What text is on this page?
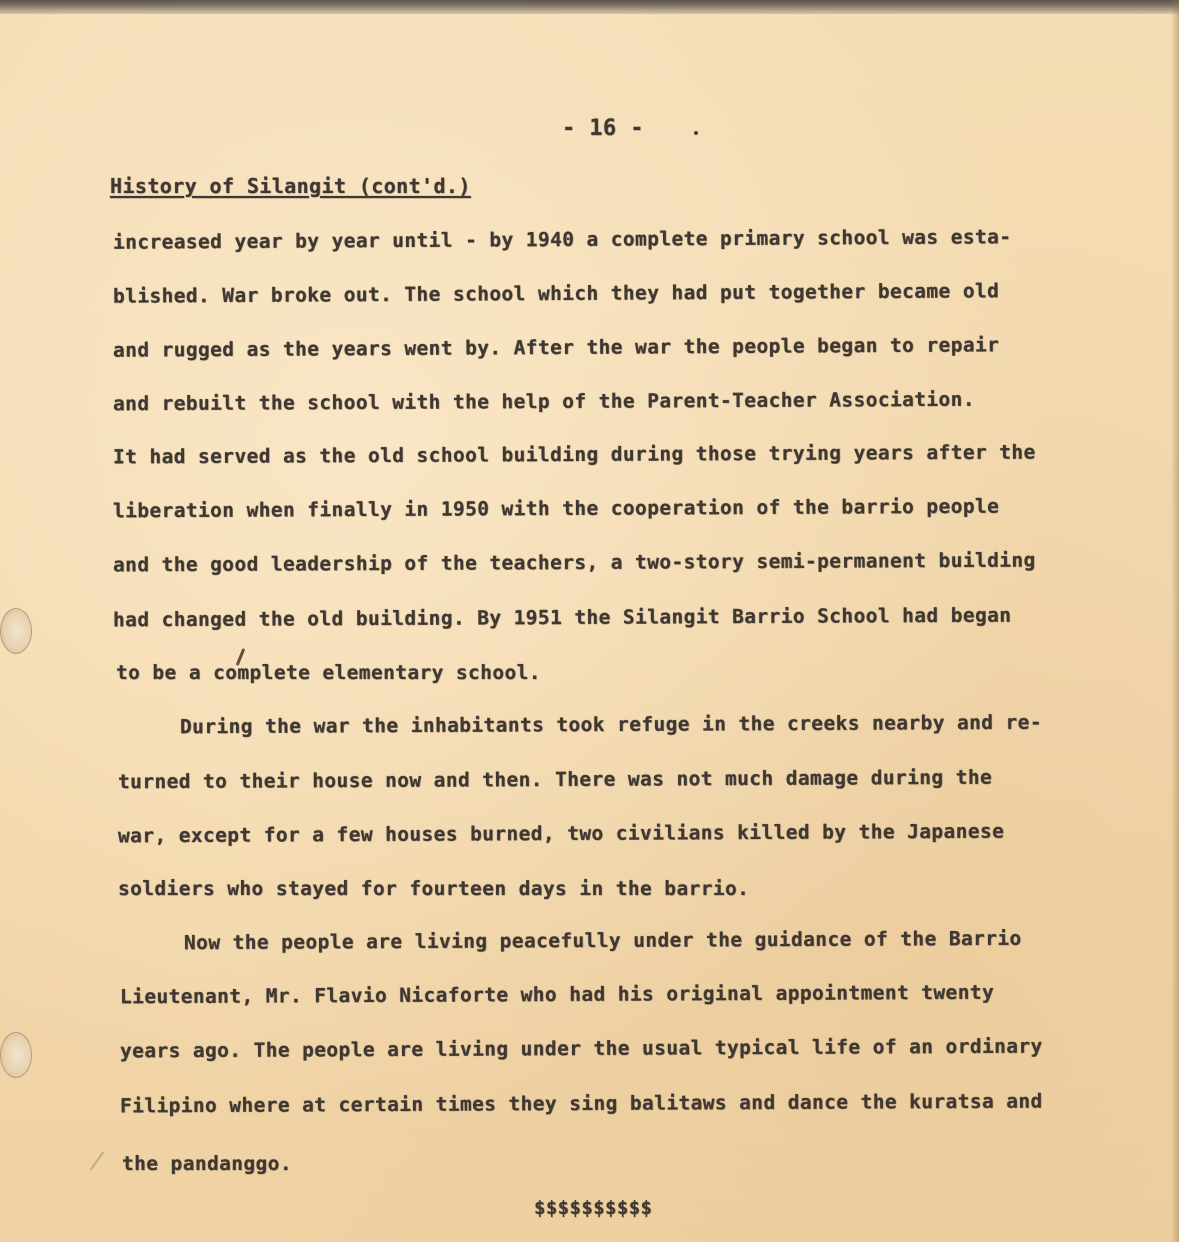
- 16 -
History of Silangit (cont'd.)
increased year by year until - by 1940 a complete primary school was esta-
blished. War broke out. The school which they had put together became old
and rugged as the years went by. After the war the people began to repair
and rebuilt the school with the help of the Parent-Teacher Association.
It had served as the old school building during those trying years after the
liberation when finally in 1950 with the cooperation of the barrio people
and the good leadership of the teachers, a two-story semi-permanent building
had changed the old building. By 1951 the Silangit Barrio School had began
to be a complete elementary school.
During the war the inhabitants took refuge in the creeks nearby and re-
turned to their house now and then. There was not much damage during the
war, except for a few houses burned, two civilians killed by the Japanese
soldiers who stayed for fourteen days in the barrio.
Now the people are living peacefully under the guidance of the Barrio
Lieutenant, Mr. Flavio Nicaforte who had his original appointment twenty
years ago. The people are living under the usual typical life of an ordinary
Filipino where at certain times they sing balitaws and dance the kuratsa and
the pandanggo.
$$$$$$$$$$
